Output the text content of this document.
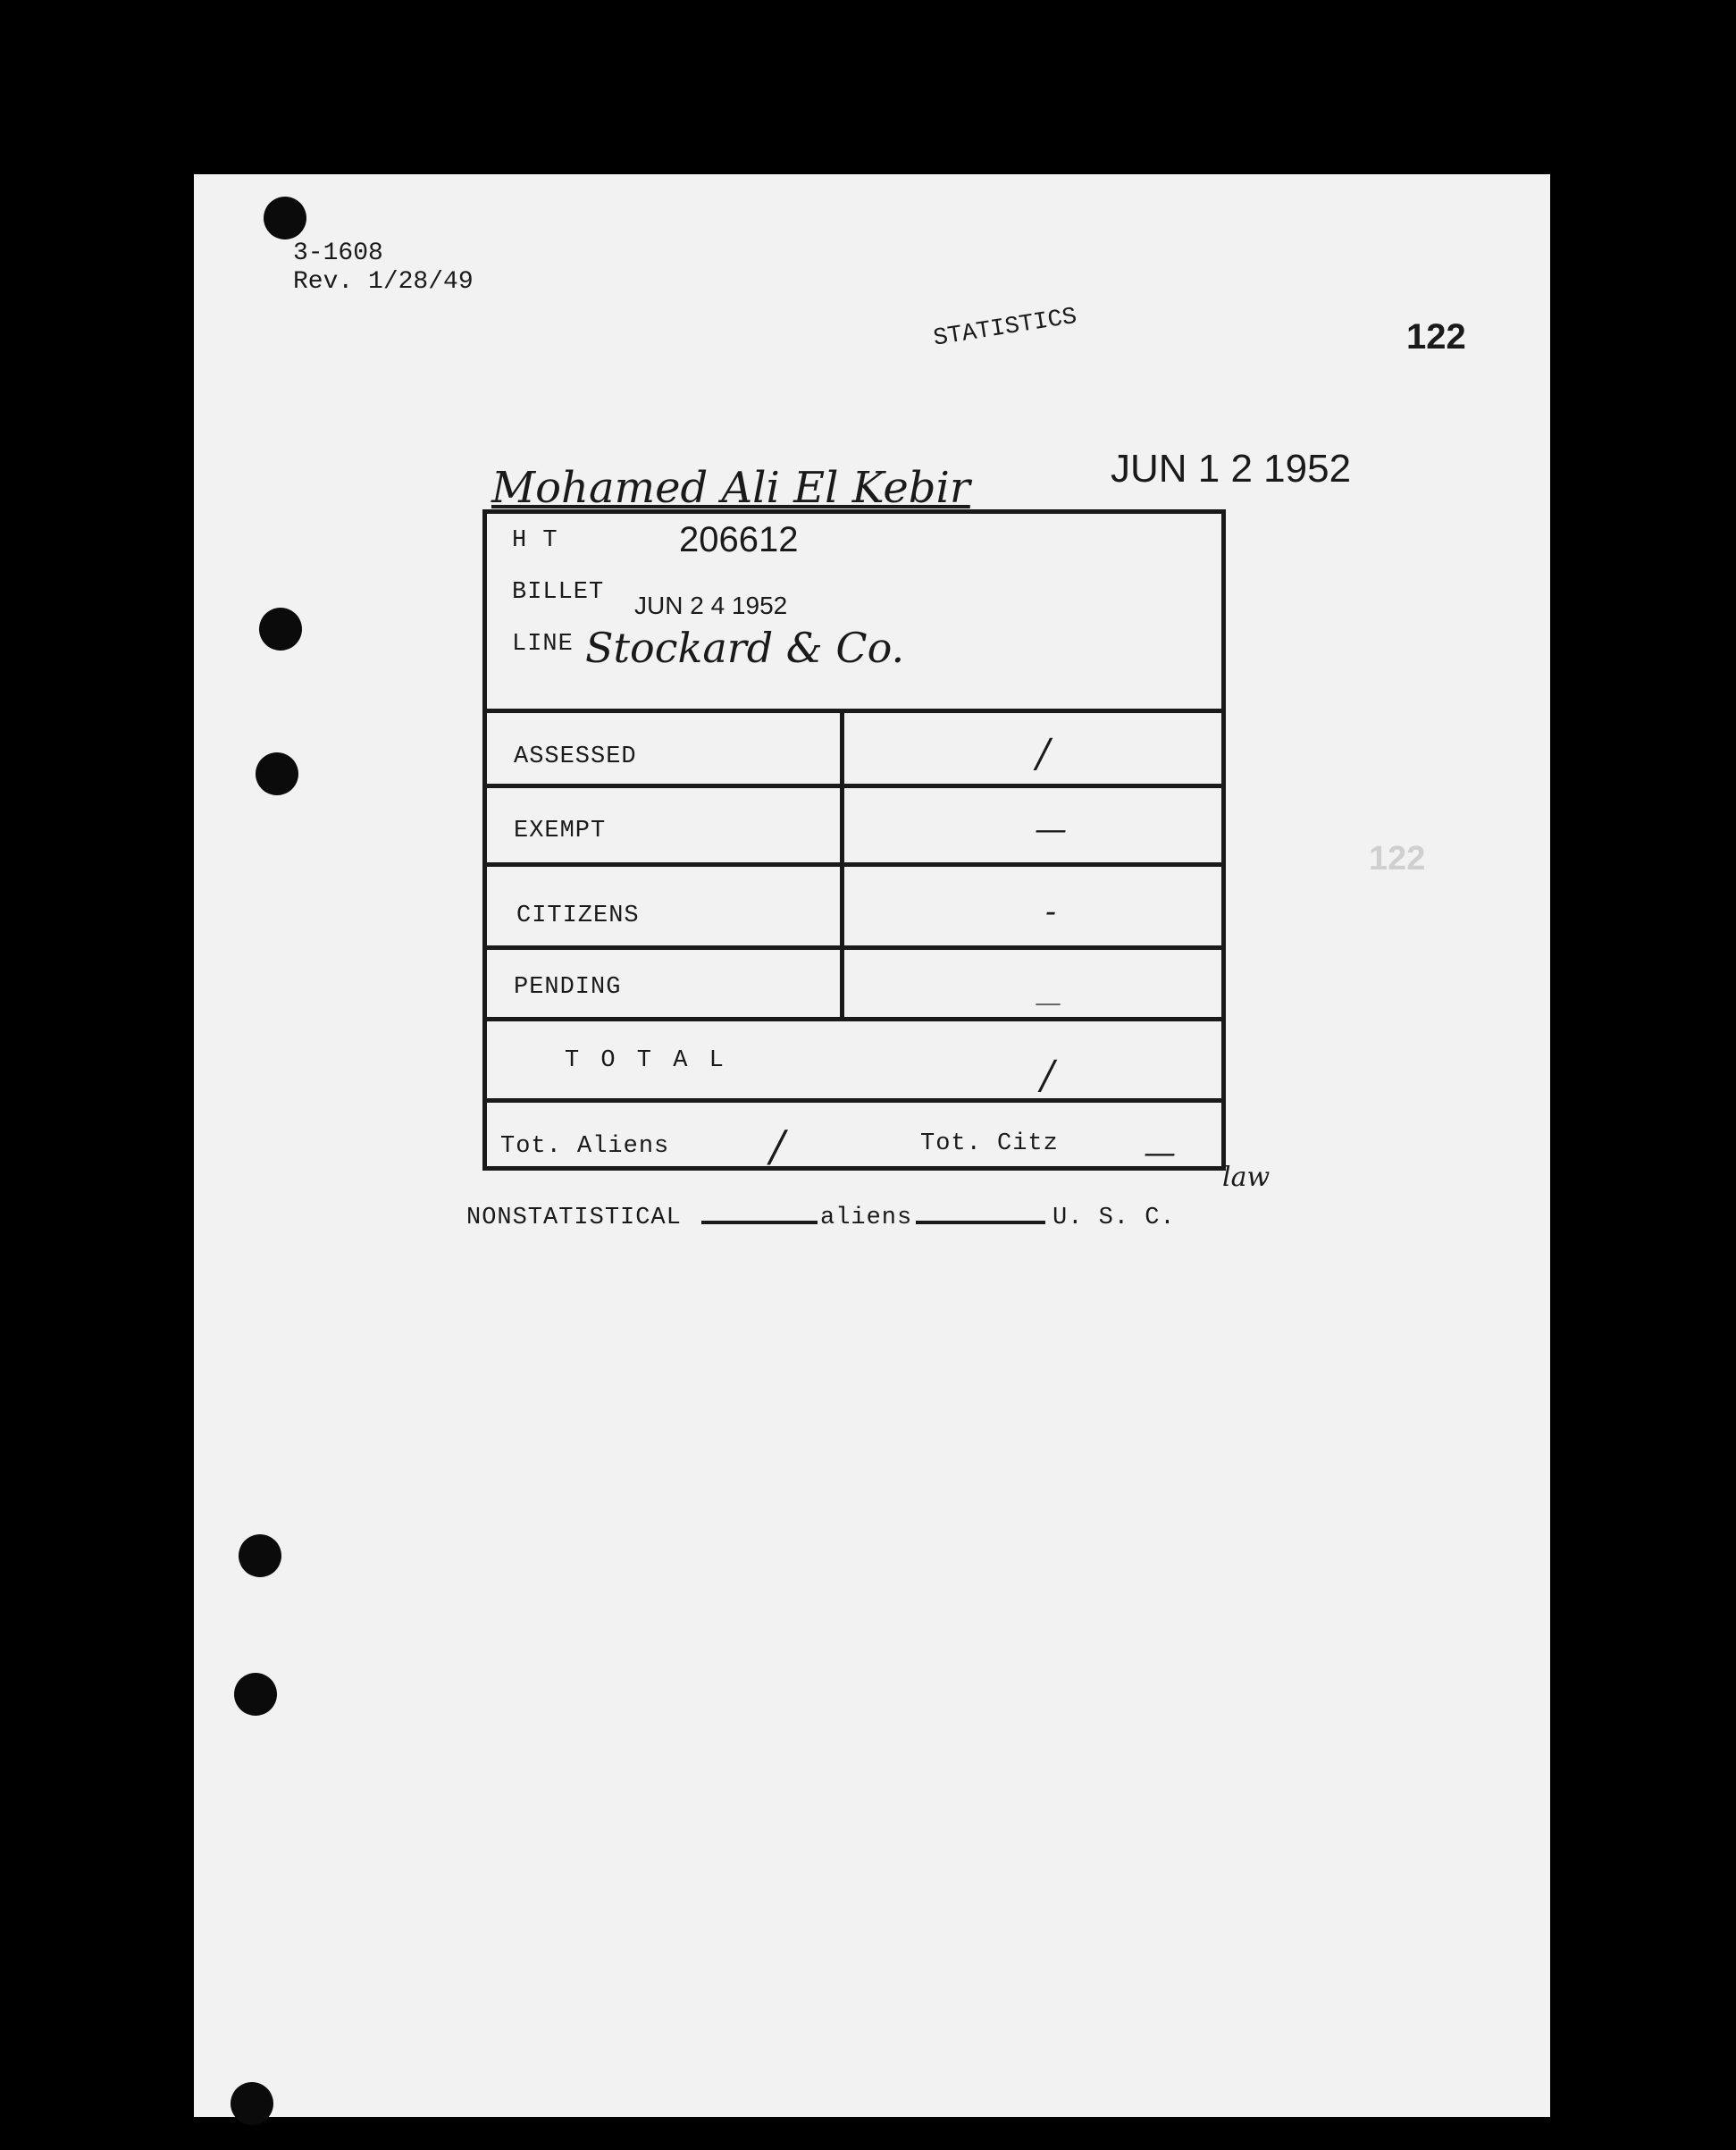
3-1608
Rev. 1/28/49
STATISTICS	122
122
JUN 1 2 1952
Mohamed Ali El Kebir
H T	206612
BILLET JUN 2 4 1952
LINE Stockard & Co.
ASSESSED	/
EXEMPT	—
CITIZENS	-
PENDING	—
T O T A L	/
Tot. Aliens /	Tot. Citz	—
law
NONSTATISTICAL	aliens	U. S. C.
